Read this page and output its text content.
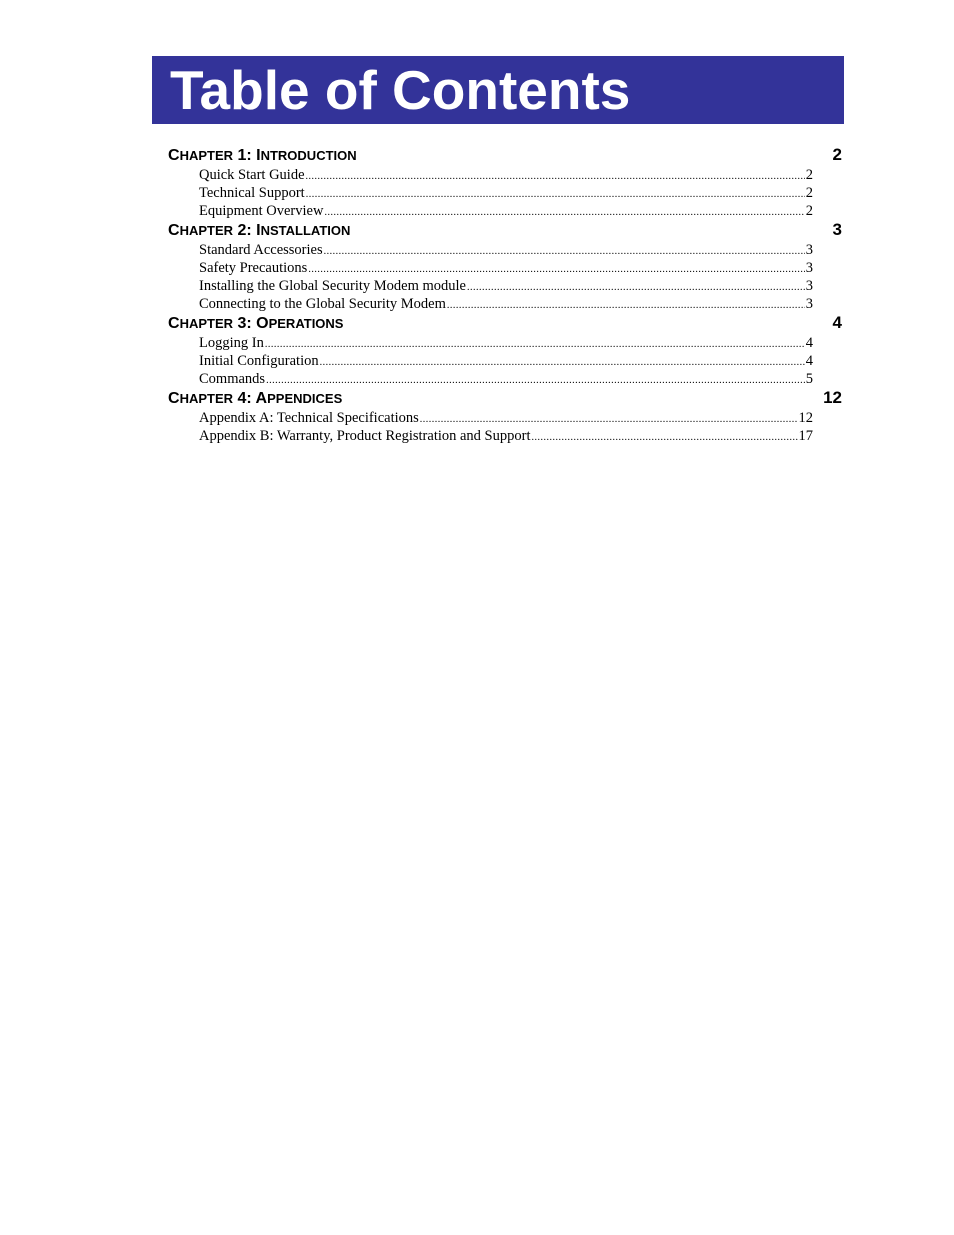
Table of Contents
CHAPTER 1: INTRODUCTION	2
Quick Start Guide .....	2
Technical Support .....	2
Equipment Overview .....	2
CHAPTER 2: INSTALLATION	3
Standard Accessories .....	3
Safety Precautions .....	3
Installing the Global Security Modem module .....	3
Connecting to the Global Security Modem .....	3
CHAPTER 3: OPERATIONS	4
Logging In .....	4
Initial Configuration .....	4
Commands .....	5
CHAPTER 4: APPENDICES	12
Appendix A: Technical Specifications .....	12
Appendix B: Warranty, Product Registration and Support .....	17
